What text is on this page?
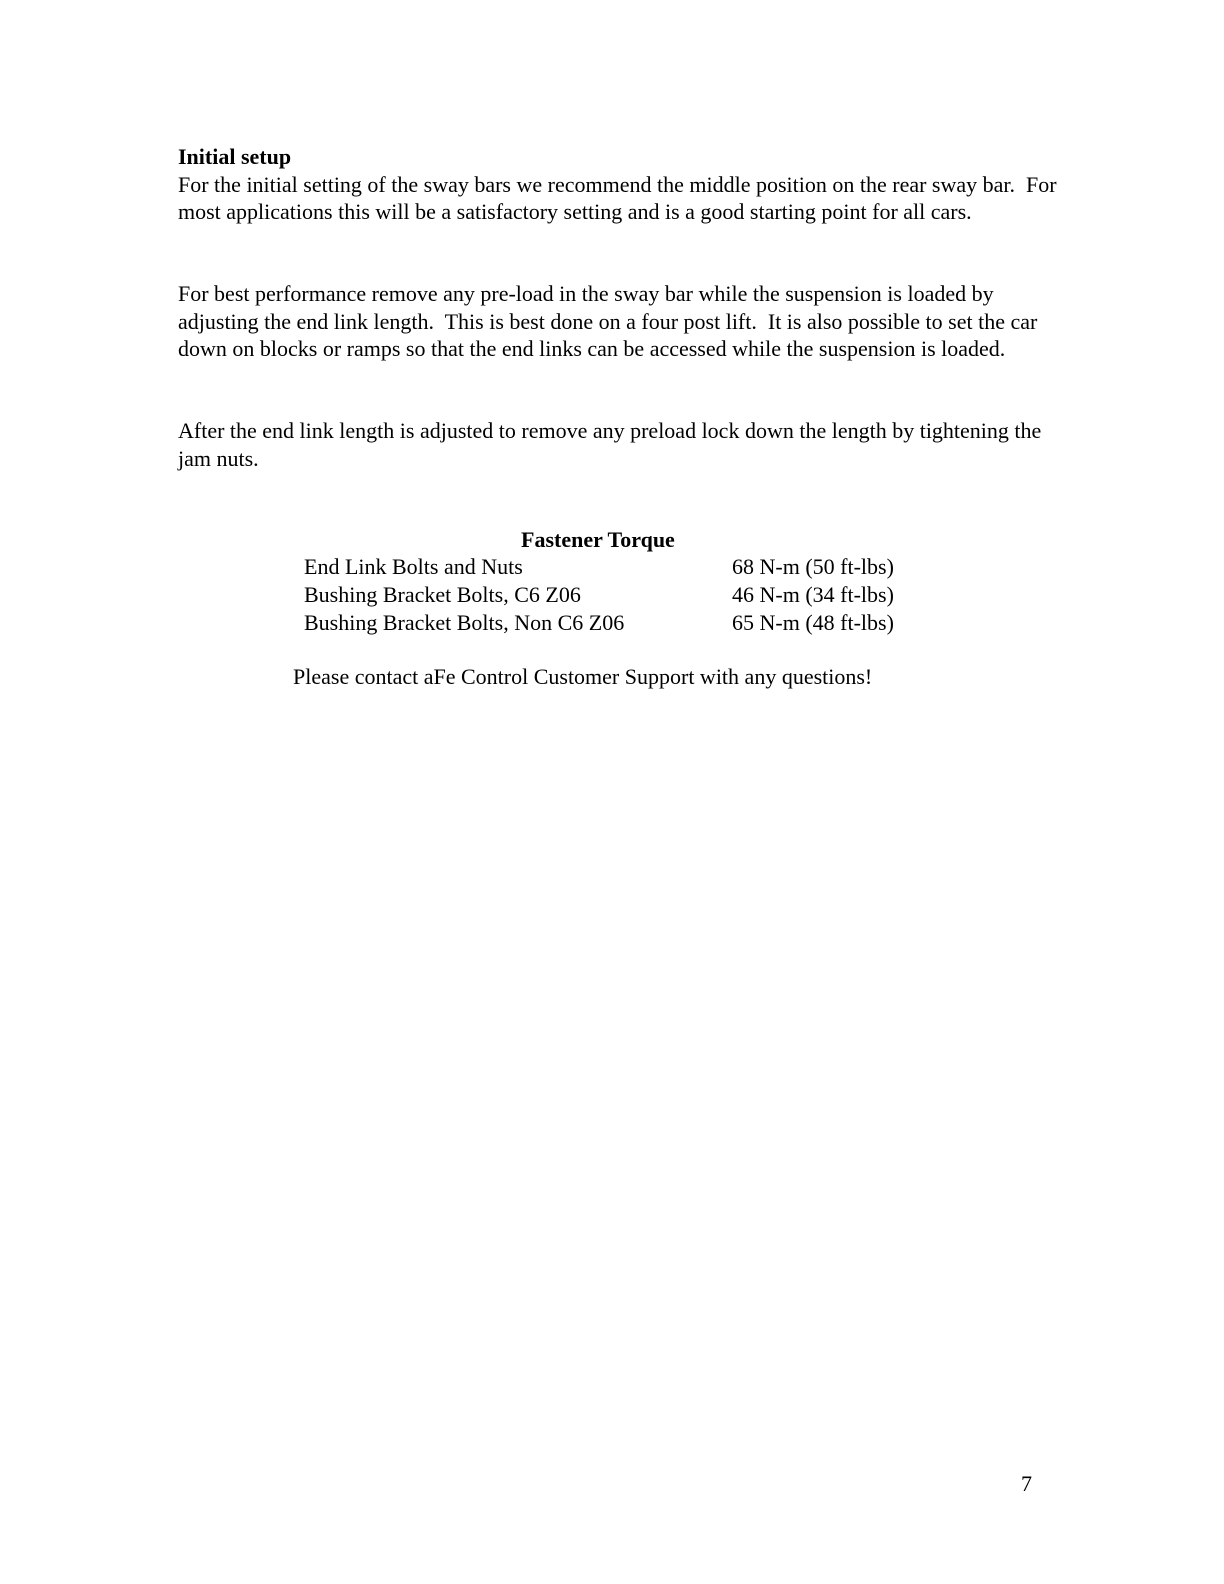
Initial setup
For the initial setting of the sway bars we recommend the middle position on the rear sway bar.  For most applications this will be a satisfactory setting and is a good starting point for all cars.
For best performance remove any pre-load in the sway bar while the suspension is loaded by adjusting the end link length.  This is best done on a four post lift.  It is also possible to set the car down on blocks or ramps so that the end links can be accessed while the suspension is loaded.
After the end link length is adjusted to remove any preload lock down the length by tightening the jam nuts.
Fastener Torque
End Link Bolts and Nuts	68 N-m (50 ft-lbs)
Bushing Bracket Bolts, C6 Z06	46 N-m (34 ft-lbs)
Bushing Bracket Bolts, Non C6 Z06	65 N-m (48 ft-lbs)
Please contact aFe Control Customer Support with any questions!
7
